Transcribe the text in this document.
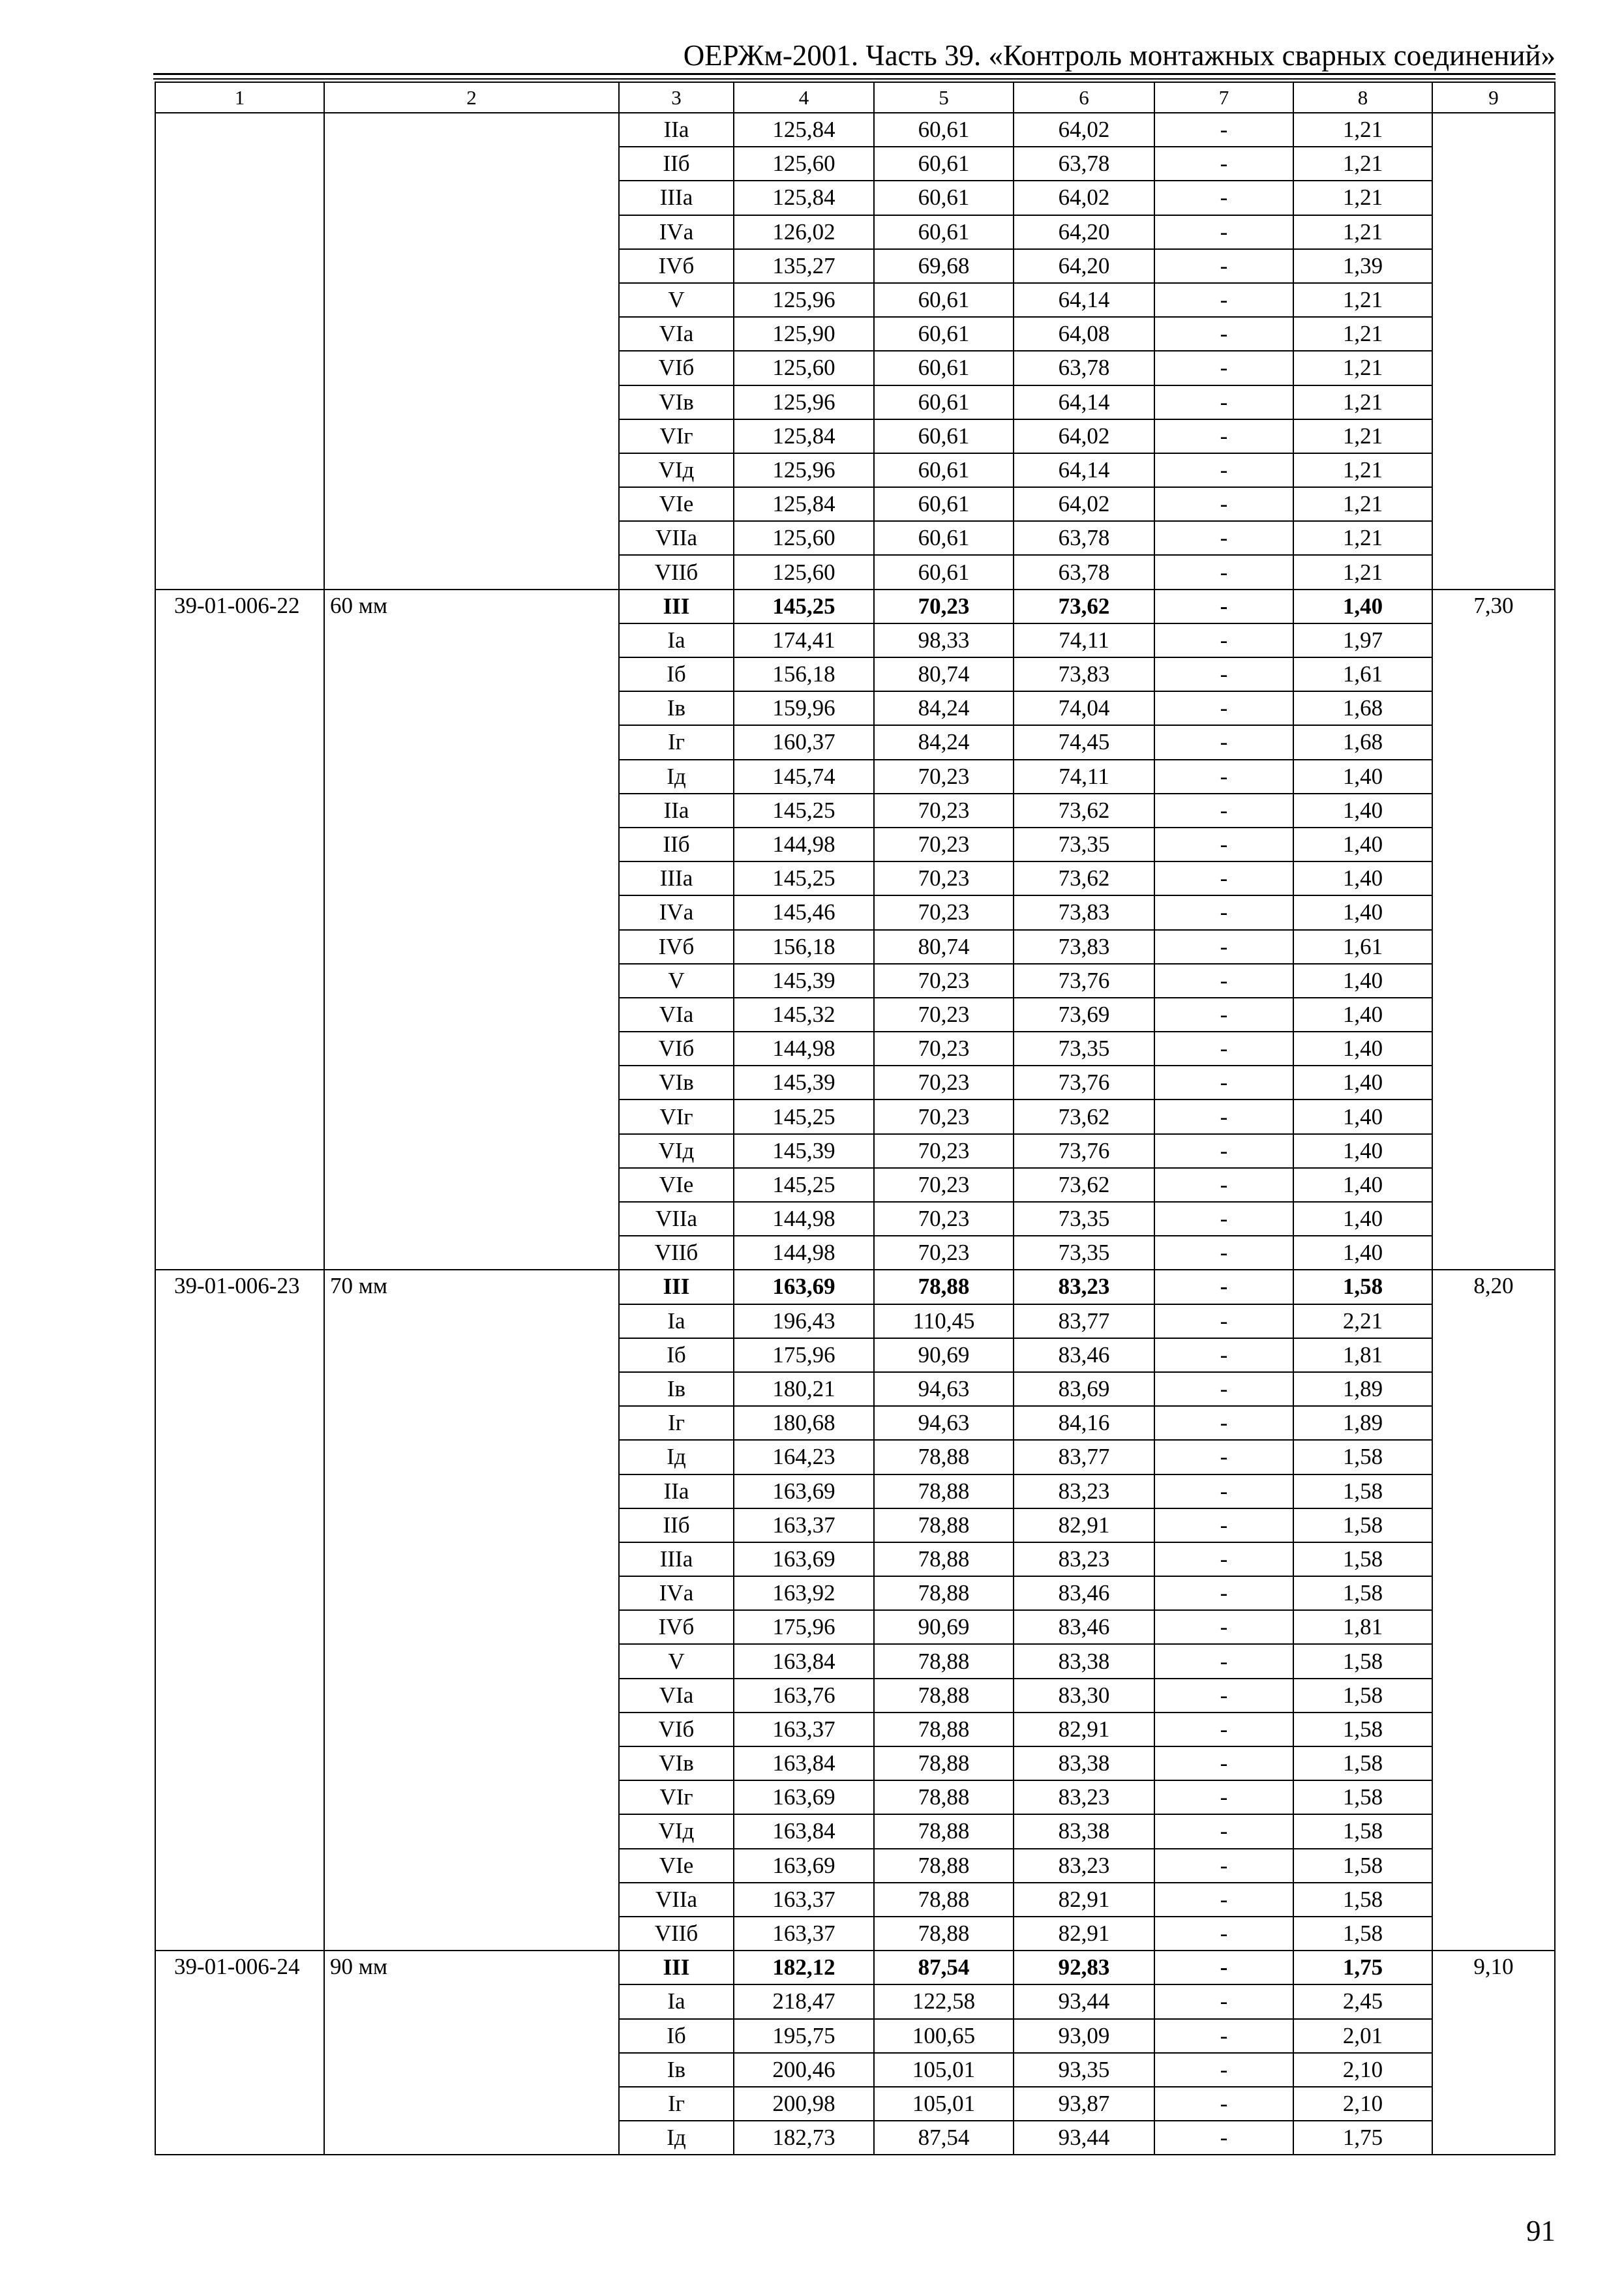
ОЕРЖм-2001. Часть 39. «Контроль монтажных сварных соединений»
1	2	3	4	5	6	7	8	9
		IIа	125,84	60,61	64,02	-	1,21	
		IIб	125,60	60,61	63,78	-	1,21	
		IIIа	125,84	60,61	64,02	-	1,21	
		IVа	126,02	60,61	64,20	-	1,21	
		IVб	135,27	69,68	64,20	-	1,39	
		V	125,96	60,61	64,14	-	1,21	
		VIа	125,90	60,61	64,08	-	1,21	
		VIб	125,60	60,61	63,78	-	1,21	
		VIв	125,96	60,61	64,14	-	1,21	
		VIг	125,84	60,61	64,02	-	1,21	
		VIд	125,96	60,61	64,14	-	1,21	
		VIе	125,84	60,61	64,02	-	1,21	
		VIIа	125,60	60,61	63,78	-	1,21	
		VIIб	125,60	60,61	63,78	-	1,21	
39-01-006-22	60 мм	III	145,25	70,23	73,62	-	1,40	7,30
		Iа	174,41	98,33	74,11	-	1,97	
		Iб	156,18	80,74	73,83	-	1,61	
		Iв	159,96	84,24	74,04	-	1,68	
		Iг	160,37	84,24	74,45	-	1,68	
		Iд	145,74	70,23	74,11	-	1,40	
		IIа	145,25	70,23	73,62	-	1,40	
		IIб	144,98	70,23	73,35	-	1,40	
		IIIа	145,25	70,23	73,62	-	1,40	
		IVа	145,46	70,23	73,83	-	1,40	
		IVб	156,18	80,74	73,83	-	1,61	
		V	145,39	70,23	73,76	-	1,40	
		VIа	145,32	70,23	73,69	-	1,40	
		VIб	144,98	70,23	73,35	-	1,40	
		VIв	145,39	70,23	73,76	-	1,40	
		VIг	145,25	70,23	73,62	-	1,40	
		VIд	145,39	70,23	73,76	-	1,40	
		VIе	145,25	70,23	73,62	-	1,40	
		VIIа	144,98	70,23	73,35	-	1,40	
		VIIб	144,98	70,23	73,35	-	1,40	
39-01-006-23	70 мм	III	163,69	78,88	83,23	-	1,58	8,20
		Iа	196,43	110,45	83,77	-	2,21	
		Iб	175,96	90,69	83,46	-	1,81	
		Iв	180,21	94,63	83,69	-	1,89	
		Iг	180,68	94,63	84,16	-	1,89	
		Iд	164,23	78,88	83,77	-	1,58	
		IIа	163,69	78,88	83,23	-	1,58	
		IIб	163,37	78,88	82,91	-	1,58	
		IIIа	163,69	78,88	83,23	-	1,58	
		IVа	163,92	78,88	83,46	-	1,58	
		IVб	175,96	90,69	83,46	-	1,81	
		V	163,84	78,88	83,38	-	1,58	
		VIа	163,76	78,88	83,30	-	1,58	
		VIб	163,37	78,88	82,91	-	1,58	
		VIв	163,84	78,88	83,38	-	1,58	
		VIг	163,69	78,88	83,23	-	1,58	
		VIд	163,84	78,88	83,38	-	1,58	
		VIе	163,69	78,88	83,23	-	1,58	
		VIIа	163,37	78,88	82,91	-	1,58	
		VIIб	163,37	78,88	82,91	-	1,58	
39-01-006-24	90 мм	III	182,12	87,54	92,83	-	1,75	9,10
		Iа	218,47	122,58	93,44	-	2,45	
		Iб	195,75	100,65	93,09	-	2,01	
		Iв	200,46	105,01	93,35	-	2,10	
		Iг	200,98	105,01	93,87	-	2,10	
		Iд	182,73	87,54	93,44	-	1,75	
91
